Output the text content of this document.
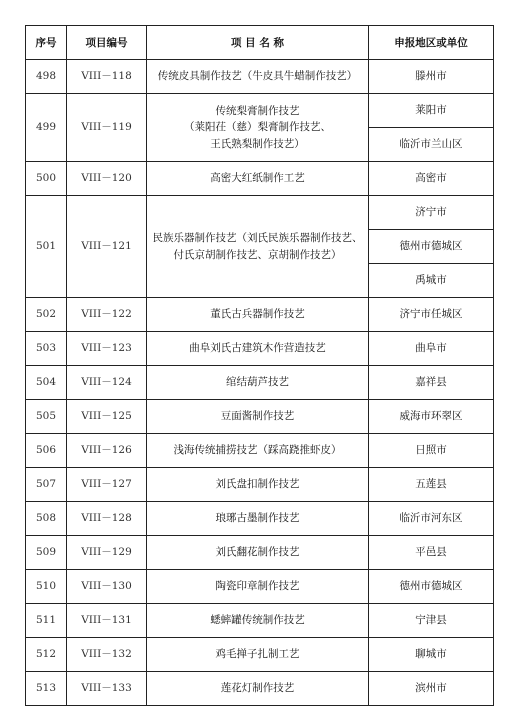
序号	项目编号	项 目 名 称	申报地区或单位
498	VIII－118	传统皮具制作技艺（牛皮具牛蜡制作技艺）	滕州市
499	VIII－119	传统梨膏制作技艺
（莱阳茌（慈）梨膏制作技艺、
王氏熟梨制作技艺）	莱阳市
			临沂市兰山区
500	VIII－120	高密大红纸制作工艺	高密市
501	VIII－121	民族乐器制作技艺（刘氏民族乐器制作技艺、
付氏京胡制作技艺、京胡制作技艺）	济宁市
			德州市德城区
			禹城市
502	VIII－122	董氏古兵器制作技艺	济宁市任城区
503	VIII－123	曲阜刘氏古建筑木作营造技艺	曲阜市
504	VIII－124	绾结葫芦技艺	嘉祥县
505	VIII－125	豆面酱制作技艺	威海市环翠区
506	VIII－126	浅海传统捕捞技艺（踩高跷推虾皮）	日照市
507	VIII－127	刘氏盘扣制作技艺	五莲县
508	VIII－128	琅琊古墨制作技艺	临沂市河东区
509	VIII－129	刘氏翻花制作技艺	平邑县
510	VIII－130	陶瓷印章制作技艺	德州市德城区
511	VIII－131	蟋蟀罐传统制作技艺	宁津县
512	VIII－132	鸡毛掸子扎制工艺	聊城市
513	VIII－133	莲花灯制作技艺	滨州市
